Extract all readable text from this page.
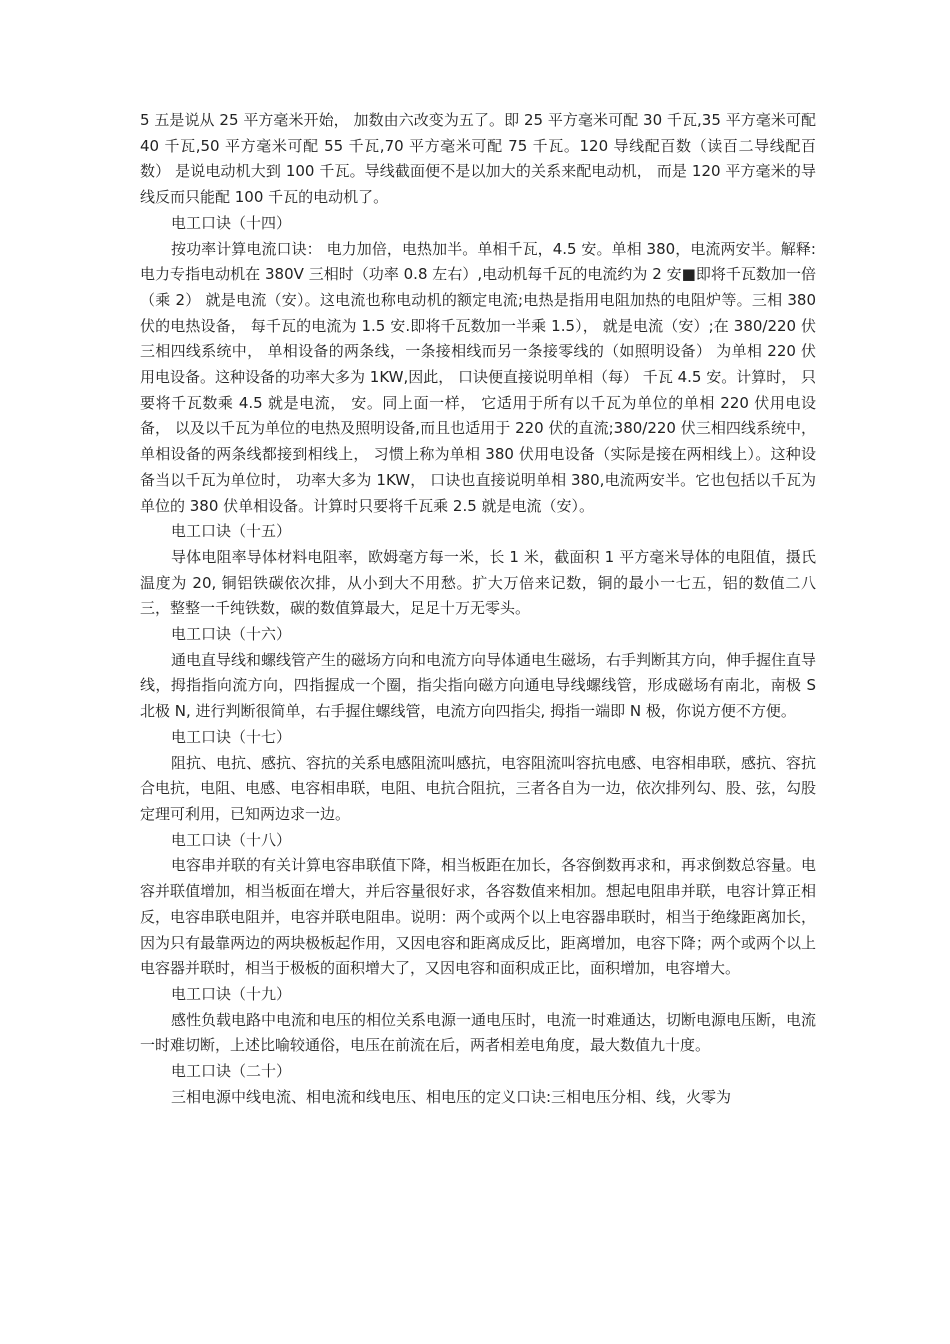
5 五是说从 25 平方毫米开始， 加数由六改变为五了。即 25 平方毫米可配 30 千瓦,35 平方毫米可配 40 千瓦,50 平方毫米可配 55 千瓦,70 平方毫米可配 75 千瓦。120 导线配百数（读百二导线配百数） 是说电动机大到 100 千瓦。导线截面便不是以加大的关系来配电动机， 而是 120 平方毫米的导线反而只能配 100 千瓦的电动机了。

电工口诀（十四）

按功率计算电流口诀： 电力加倍，电热加半。单相千瓦，4.5 安。单相 380，电流两安半。解释:电力专指电动机在 380V 三相时（功率 0.8 左右）,电动机每千瓦的电流约为 2 安■即将千瓦数加一倍（乘 2） 就是电流（安）。这电流也称电动机的额定电流;电热是指用电阻加热的电阻炉等。三相 380 伏的电热设备， 每千瓦的电流为 1.5 安.即将千瓦数加一半乘 1.5）， 就是电流（安）;在 380/220 伏三相四线系统中， 单相设备的两条线，一条接相线而另一条接零线的（如照明设备） 为单相 220 伏用电设备。这种设备的功率大多为 1KW,因此， 口诀便直接说明单相（每） 千瓦 4.5 安。计算时， 只要将千瓦数乘 4.5 就是电流， 安。同上面一样， 它适用于所有以千瓦为单位的单相 220 伏用电设备， 以及以千瓦为单位的电热及照明设备,而且也适用于 220 伏的直流;380/220 伏三相四线系统中，单相设备的两条线都接到相线上， 习惯上称为单相 380 伏用电设备（实际是接在两相线上）。这种设备当以千瓦为单位时， 功率大多为 1KW， 口诀也直接说明单相 380,电流两安半。它也包括以千瓦为单位的 380 伏单相设备。计算时只要将千瓦乘 2.5 就是电流（安）。

电工口诀（十五）

导体电阻率导体材料电阻率，欧姆毫方每一米，长 1 米，截面积 1 平方毫米导体的电阻值，摄氏温度为 20, 铜铝铁碳依次排，从小到大不用愁。扩大万倍来记数，铜的最小一七五，铝的数值二八三，整整一千纯铁数，碳的数值算最大，足足十万无零头。

电工口诀（十六）

通电直导线和螺线管产生的磁场方向和电流方向导体通电生磁场，右手判断其方向，伸手握住直导线，拇指指向流方向，四指握成一个圈，指尖指向磁方向通电导线螺线管，形成磁场有南北，南极 S 北极 N, 进行判断很简单，右手握住螺线管，电流方向四指尖, 拇指一端即 N 极，你说方便不方便。

电工口诀（十七）

阻抗、电抗、感抗、容抗的关系电感阻流叫感抗，电容阻流叫容抗电感、电容相串联，感抗、容抗合电抗，电阻、电感、电容相串联，电阻、电抗合阻抗，三者各自为一边，依次排列勾、股、弦，勾股定理可利用，已知两边求一边。

电工口诀（十八）

电容串并联的有关计算电容串联值下降，相当板距在加长，各容倒数再求和，再求倒数总容量。电容并联值增加，相当板面在增大，并后容量很好求，各容数值来相加。想起电阻串并联，电容计算正相反，电容串联电阻并，电容并联电阻串。说明：两个或两个以上电容器串联时，相当于绝缘距离加长，因为只有最靠两边的两块极板起作用，又因电容和距离成反比，距离增加，电容下降；两个或两个以上电容器并联时，相当于极板的面积增大了，又因电容和面积成正比，面积增加，电容增大。

电工口诀（十九）

感性负载电路中电流和电压的相位关系电源一通电压时，电流一时难通达，切断电源电压断，电流一时难切断，上述比喻较通俗，电压在前流在后，两者相差电角度，最大数值九十度。

电工口诀（二十）

三相电源中线电流、相电流和线电压、相电压的定义口诀:三相电压分相、线，火零为
